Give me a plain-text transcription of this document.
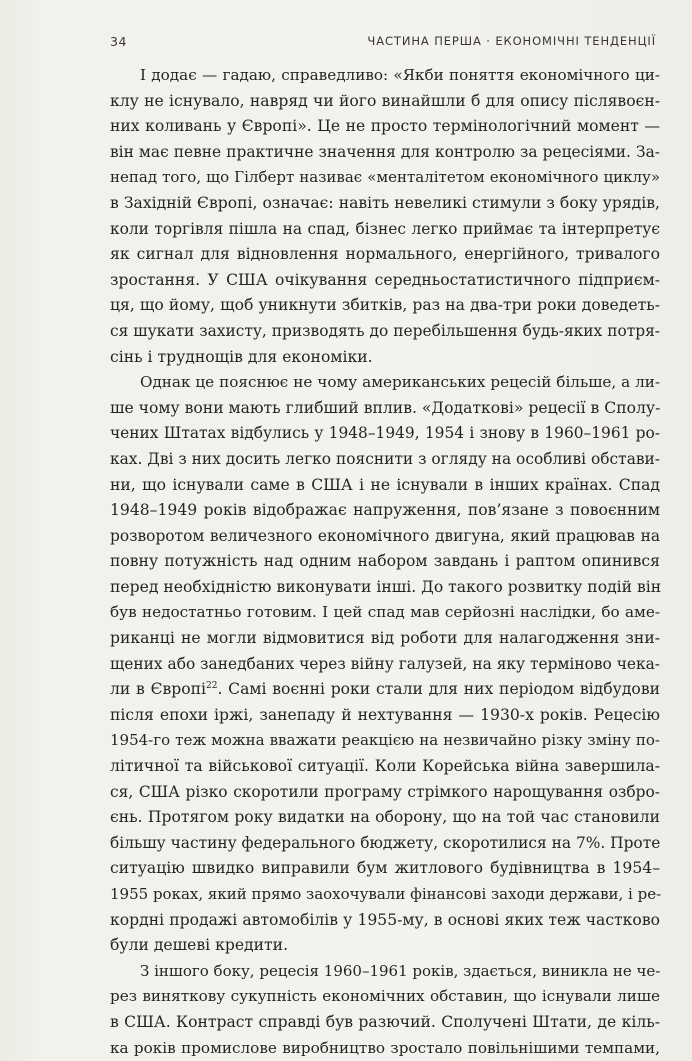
34	ЧАСТИНА ПЕРША · ЕКОНОМІЧНІ ТЕНДЕНЦІЇ
І додає — гадаю, справедливо: «Якби поняття економічного ци-
клу не існувало, навряд чи його винайшли б для опису післявоєн-
них коливань у Європі». Це не просто термінологічний момент —
він має певне практичне значення для контролю за рецесіями. За-
непад того, що Гілберт називає «менталітетом економічного циклу»
в Західній Європі, означає: навіть невеликі стимули з боку урядів,
коли торгівля пішла на спад, бізнес легко приймає та інтерпретує
як сигнал для відновлення нормального, енергійного, тривалого
зростання. У США очікування середньостатистичного підприєм-
ця, що йому, щоб уникнути збитків, раз на два-три роки доведеть-
ся шукати захисту, призводять до перебільшення будь-яких потря-
сінь і труднощів для економіки.
Однак це пояснює не чому американських рецесій більше, а ли-
ше чому вони мають глибший вплив. «Додаткові» рецесії в Сполу-
чених Штатах відбулись у 1948–1949, 1954 і знову в 1960–1961 ро-
ках. Дві з них досить легко пояснити з огляду на особливі обстави-
ни, що існували саме в США і не існували в інших країнах. Спад
1948–1949 років відображає напруження, пов’язане з повоєнним
розворотом величезного економічного двигуна, який працював на
повну потужність над одним набором завдань і раптом опинився
перед необхідністю виконувати інші. До такого розвитку подій він
був недостатньо готовим. І цей спад мав серйозні наслідки, бо аме-
риканці не могли відмовитися від роботи для налагодження зни-
щених або занедбаних через війну галузей, на яку терміново чека-
ли в Європі$^{22}$. Самі воєнні роки стали для них періодом відбудови
після епохи іржі, занепаду й нехтування — 1930-х років. Рецесію
1954-го теж можна вважати реакцією на незвичайно різку зміну по-
літичної та військової ситуації. Коли Корейська війна завершила-
ся, США різко скоротили програму стрімкого нарощування озбро-
єнь. Протягом року видатки на оборону, що на той час становили
більшу частину федерального бюджету, скоротилися на 7%. Проте
ситуацію швидко виправили бум житлового будівництва в 1954–
1955 роках, який прямо заохочували фінансові заходи держави, і ре-
кордні продажі автомобілів у 1955-му, в основі яких теж частково
були дешеві кредити.
З іншого боку, рецесія 1960–1961 років, здається, виникла не че-
рез виняткову сукупність економічних обставин, що існували лише
в США. Контраст справді був разючий. Сполучені Штати, де кіль-
ка років промислове виробництво зростало повільнішими темпами,
